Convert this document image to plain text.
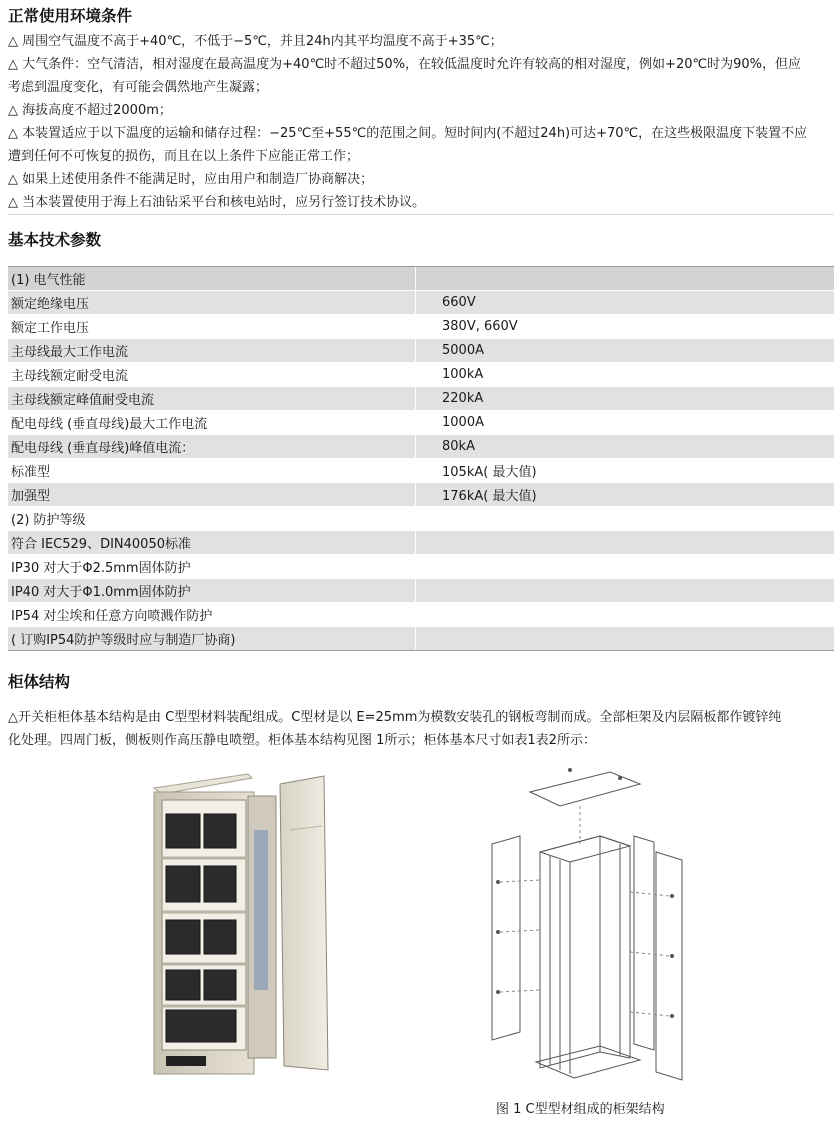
正常使用环境条件

△ 周围空气温度不高于+40℃，不低于−5℃，并且24h内其平均温度不高于+35℃；

△ 大气条件：空气清洁，相对湿度在最高温度为+40℃时不超过50%，在较低温度时允许有较高的相对湿度，例如+20℃时为90%，但应

考虑到温度变化，有可能会偶然地产生凝露；

△ 海拔高度不超过2000m；

△ 本装置适应于以下温度的运输和储存过程：−25℃至+55℃的范围之间。短时间内(不超过24h)可达+70℃，在这些极限温度下装置不应

遭到任何不可恢复的损伤，而且在以上条件下应能正常工作；

△ 如果上述使用条件不能满足时，应由用户和制造厂协商解决；

△ 当本装置使用于海上石油钻采平台和核电站时，应另行签订技术协议。

基本技术参数
(1) 电气性能	
额定绝缘电压	660V
额定工作电压	380V, 660V
主母线最大工作电流	5000A
主母线额定耐受电流	100kA
主母线额定峰值耐受电流	220kA
配电母线 (垂直母线)最大工作电流	1000A
配电母线 (垂直母线)峰值电流：	80kA
标准型	105kA( 最大值)
加强型	176kA( 最大值)
(2) 防护等级	
符合 IEC529、DIN40050标准	
IP30 对大于Φ2.5mm固体防护	
IP40 对大于Φ1.0mm固体防护	
IP54 对尘埃和任意方向喷溅作防护	
( 订购IP54防护等级时应与制造厂协商)	
柜体结构

△开关柜柜体基本结构是由 C型型材料装配组成。C型材是以 E=25mm为模数安装孔的钢板弯制而成。全部柜架及内层隔板都作镀锌纯

化处理。四周门板，侧板则作高压静电喷塑。柜体基本结构见图 1所示；柜体基本尺寸如表1表2所示：

图 1 C型型材组成的柜架结构
